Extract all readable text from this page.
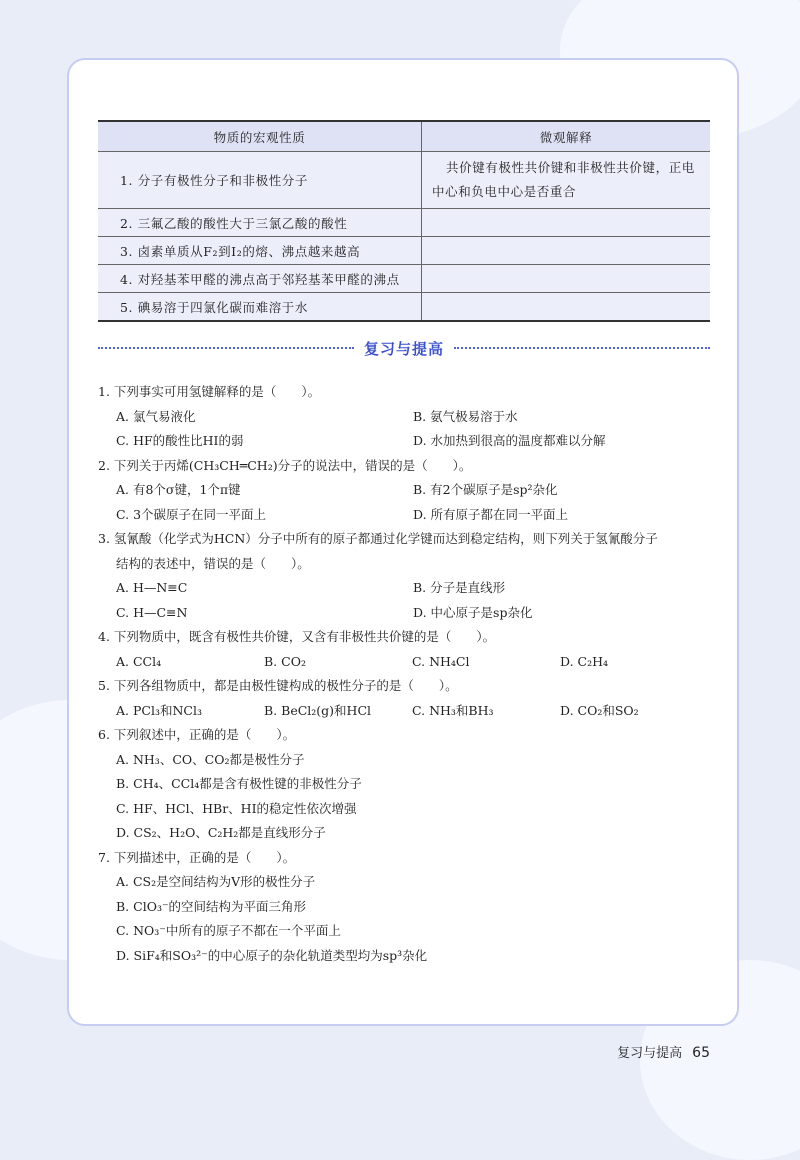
物质的宏观性质	微观解释
1. 分子有极性分子和非极性分子	共价键有极性共价键和非极性共价键，正电中心和负电中心是否重合
2. 三氟乙酸的酸性大于三氯乙酸的酸性	
3. 卤素单质从F₂到I₂的熔、沸点越来越高	
4. 对羟基苯甲醛的沸点高于邻羟基苯甲醛的沸点	
5. 碘易溶于四氯化碳而难溶于水	
复习与提高
1. 下列事实可用氢键解释的是（　　）。
A. 氯气易液化	B. 氨气极易溶于水
C. HF的酸性比HI的弱	D. 水加热到很高的温度都难以分解
2. 下列关于丙烯(CH₃CH═CH₂)分子的说法中，错误的是（　　）。
A. 有8个σ键，1个π键	B. 有2个碳原子是sp²杂化
C. 3个碳原子在同一平面上	D. 所有原子都在同一平面上
3. 氢氰酸（化学式为HCN）分子中所有的原子都通过化学键而达到稳定结构，则下列关于氢氰酸分子
结构的表述中，错误的是（　　）。
A. H—N≡C	B. 分子是直线形
C. H—C≡N	D. 中心原子是sp杂化
4. 下列物质中，既含有极性共价键，又含有非极性共价键的是（　　）。
A. CCl₄	B. CO₂	C. NH₄Cl	D. C₂H₄
5. 下列各组物质中，都是由极性键构成的极性分子的是（　　）。
A. PCl₃和NCl₃	B. BeCl₂(g)和HCl	C. NH₃和BH₃	D. CO₂和SO₂
6. 下列叙述中，正确的是（　　）。
A. NH₃、CO、CO₂都是极性分子
B. CH₄、CCl₄都是含有极性键的非极性分子
C. HF、HCl、HBr、HI的稳定性依次增强
D. CS₂、H₂O、C₂H₂都是直线形分子
7. 下列描述中，正确的是（　　）。
A. CS₂是空间结构为V形的极性分子
B. ClO₃⁻的空间结构为平面三角形
C. NO₃⁻中所有的原子不都在一个平面上
D. SiF₄和SO₃²⁻的中心原子的杂化轨道类型均为sp³杂化
复习与提高 65
